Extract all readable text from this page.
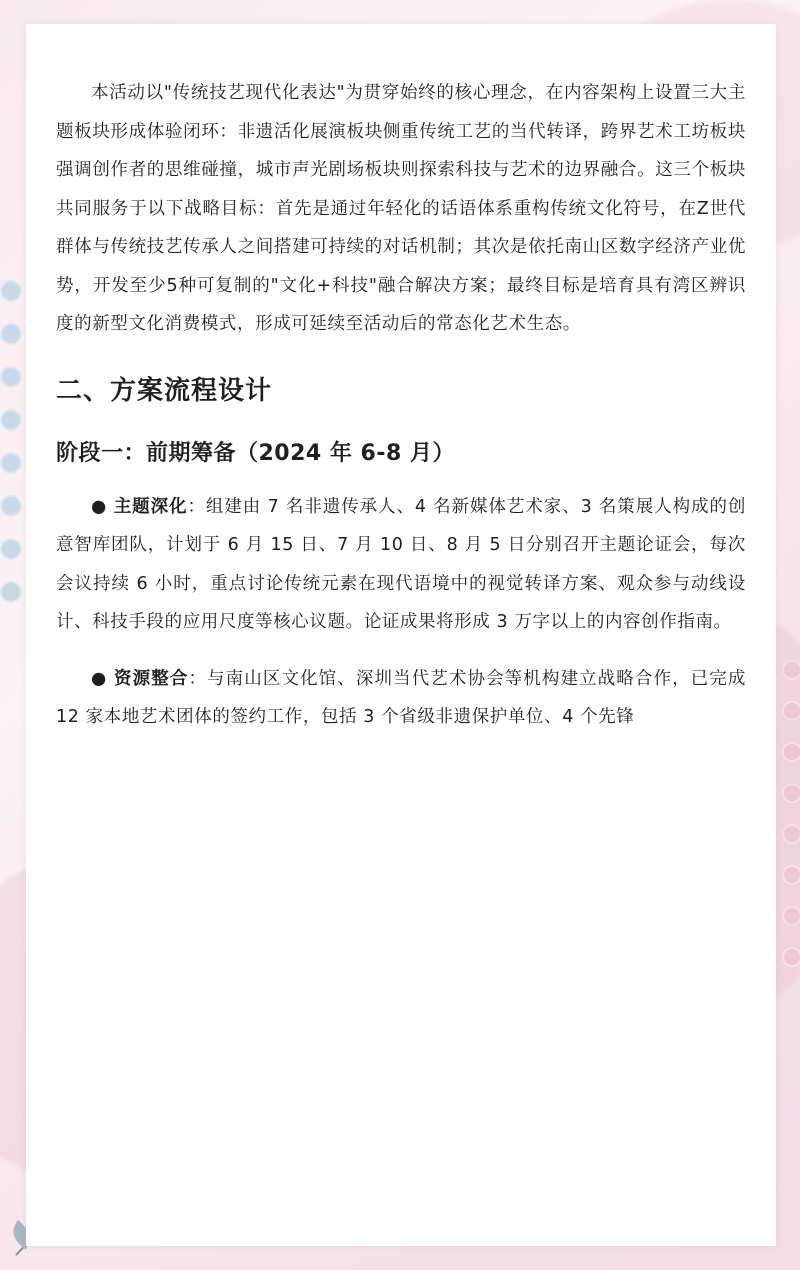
本活动以"传统技艺现代化表达"为贯穿始终的核心理念，在内容架构上设置三大主题板块形成体验闭环：非遗活化展演板块侧重传统工艺的当代转译，跨界艺术工坊板块强调创作者的思维碰撞，城市声光剧场板块则探索科技与艺术的边界融合。这三个板块共同服务于以下战略目标：首先是通过年轻化的话语体系重构传统文化符号，在Z世代群体与传统技艺传承人之间搭建可持续的对话机制；其次是依托南山区数字经济产业优势，开发至少5种可复制的"文化+科技"融合解决方案；最终目标是培育具有湾区辨识度的新型文化消费模式，形成可延续至活动后的常态化艺术生态。

二、方案流程设计
阶段一：前期筹备（2024 年 6-8 月）

● 主题深化：组建由 7 名非遗传承人、4 名新媒体艺术家、3 名策展人构成的创意智库团队，计划于 6 月 15 日、7 月 10 日、8 月 5 日分别召开主题论证会，每次会议持续 6 小时，重点讨论传统元素在现代语境中的视觉转译方案、观众参与动线设计、科技手段的应用尺度等核心议题。论证成果将形成 3 万字以上的内容创作指南。

● 资源整合：与南山区文化馆、深圳当代艺术协会等机构建立战略合作，已完成 12 家本地艺术团体的签约工作，包括 3 个省级非遗保护单位、4 个先锋
